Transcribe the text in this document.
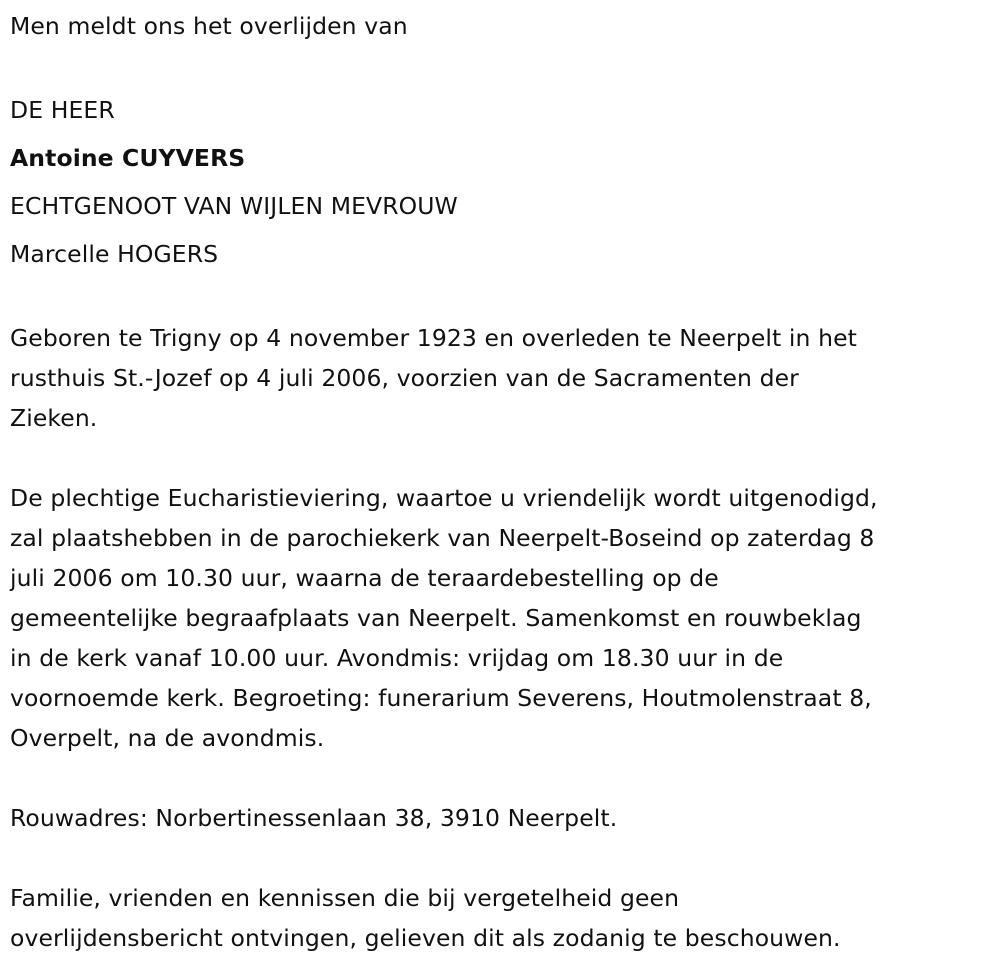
Men meldt ons het overlijden van
DE HEER
Antoine CUYVERS
ECHTGENOOT VAN WIJLEN MEVROUW
Marcelle HOGERS
Geboren te Trigny op 4 november 1923 en overleden te Neerpelt in het
rusthuis St.-Jozef op 4 juli 2006, voorzien van de Sacramenten der
Zieken.
De plechtige Eucharistieviering, waartoe u vriendelijk wordt uitgenodigd,
zal plaatshebben in de parochiekerk van Neerpelt-Boseind op zaterdag 8
juli 2006 om 10.30 uur, waarna de teraardebestelling op de
gemeentelijke begraafplaats van Neerpelt. Samenkomst en rouwbeklag
in de kerk vanaf 10.00 uur. Avondmis: vrijdag om 18.30 uur in de
voornoemde kerk. Begroeting: funerarium Severens, Houtmolenstraat 8,
Overpelt, na de avondmis.
Rouwadres: Norbertinessenlaan 38, 3910 Neerpelt.
Familie, vrienden en kennissen die bij vergetelheid geen
overlijdensbericht ontvingen, gelieven dit als zodanig te beschouwen.
